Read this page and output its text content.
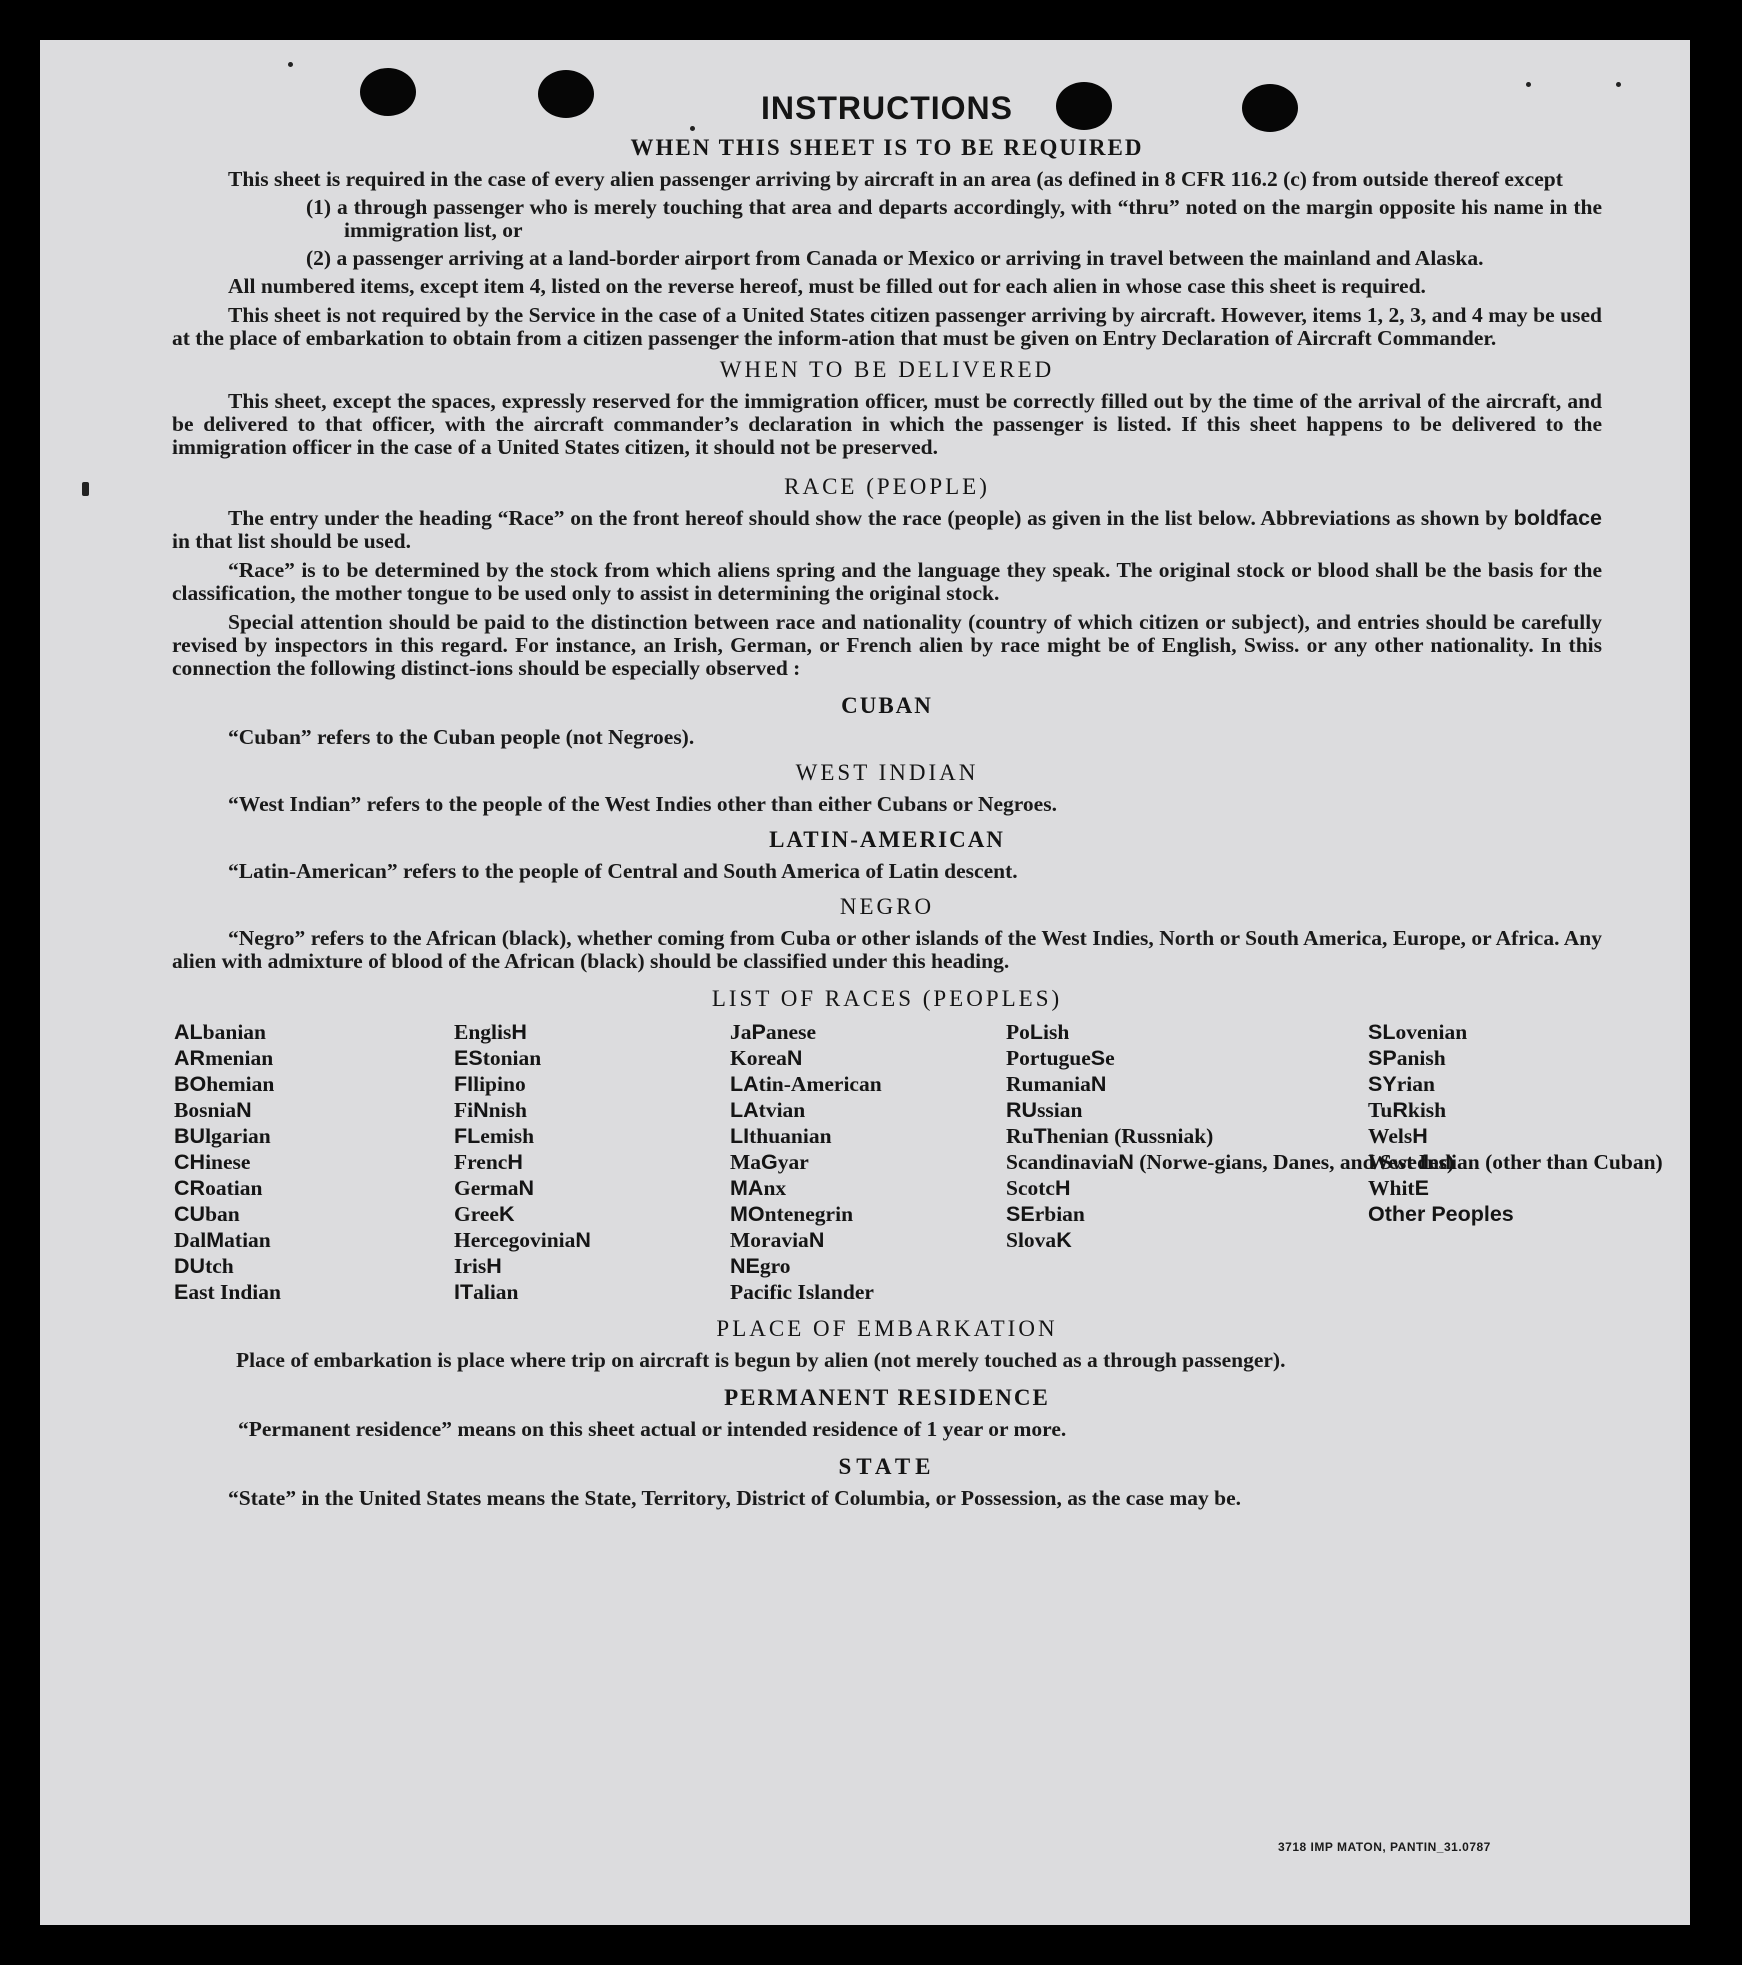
INSTRUCTIONS
WHEN THIS SHEET IS TO BE REQUIRED

This sheet is required in the case of every alien passenger arriving by aircraft in an area (as defined in 8 CFR 116.2 (c) from outside thereof except

(1) a through passenger who is merely touching that area and departs accordingly, with “thru” noted on the margin opposite his name in the immigration list, or

(2) a passenger arriving at a land-border airport from Canada or Mexico or arriving in travel between the mainland and Alaska.

All numbered items, except item 4, listed on the reverse hereof, must be filled out for each alien in whose case this sheet is required.

This sheet is not required by the Service in the case of a United States citizen passenger arriving by aircraft. However, items 1, 2, 3, and 4 may be used at the place of embarkation to obtain from a citizen passenger the inform-ation that must be given on Entry Declaration of Aircraft Commander.

WHEN TO BE DELIVERED

This sheet, except the spaces, expressly reserved for the immigration officer, must be correctly filled out by the time of the arrival of the aircraft, and be delivered to that officer, with the aircraft commander’s declaration in which the passenger is listed. If this sheet happens to be delivered to the immigration officer in the case of a United States citizen, it should not be preserved.

RACE (PEOPLE)

The entry under the heading “Race” on the front hereof should show the race (people) as given in the list below. Abbreviations as shown by boldface in that list should be used.

“Race” is to be determined by the stock from which aliens spring and the language they speak. The original stock or blood shall be the basis for the classification, the mother tongue to be used only to assist in determining the original stock.

Special attention should be paid to the distinction between race and nationality (country of which citizen or subject), and entries should be carefully revised by inspectors in this regard. For instance, an Irish, German, or French alien by race might be of English, Swiss. or any other nationality. In this connection the following distinct-ions should be especially observed :

CUBAN

“Cuban” refers to the Cuban people (not Negroes).

WEST INDIAN

“West Indian” refers to the people of the West Indies other than either Cubans or Negroes.

LATIN-AMERICAN

“Latin-American” refers to the people of Central and South America of Latin descent.

NEGRO

“Negro” refers to the African (black), whether coming from Cuba or other islands of the West Indies, North or South America, Europe, or Africa. Any alien with admixture of blood of the African (black) should be classified under this heading.

LIST OF RACES (PEOPLES)
ALbanian
ARmenian
BOhemian
BosniaN
BUlgarian
CHinese
CRoatian
CUban
DalMatian
DUtch
East Indian
EnglisH
EStonian
FIlipino
FiNnish
FLemish
FrencH
GermaN
GreeK
HercegoviniaN
IrisH
ITalian
JaPanese
KoreaN
LAtin-American
LAtvian
LIthuanian
MaGyar
MAnx
MOntenegrin
MoraviaN
NEgro
Pacific Islander
PoLish
PortugueSe
RumaniaN
RUssian
RuThenian (Russniak)
ScandinaviaN (Norwe-gians, Danes, and Swedes)
ScotcH
SErbian
SlovaK
SLovenian
SPanish
SYrian
TuRkish
WelsH
West Indian (other than Cuban)
WhitE
Other Peoples
PLACE OF EMBARKATION

Place of embarkation is place where trip on aircraft is begun by alien (not merely touched as a through passenger).

PERMANENT RESIDENCE

“Permanent residence” means on this sheet actual or intended residence of 1 year or more.

STATE

“State” in the United States means the State, Territory, District of Columbia, or Possession, as the case may be.

3718 IMP MATON, PANTIN_31.0787
